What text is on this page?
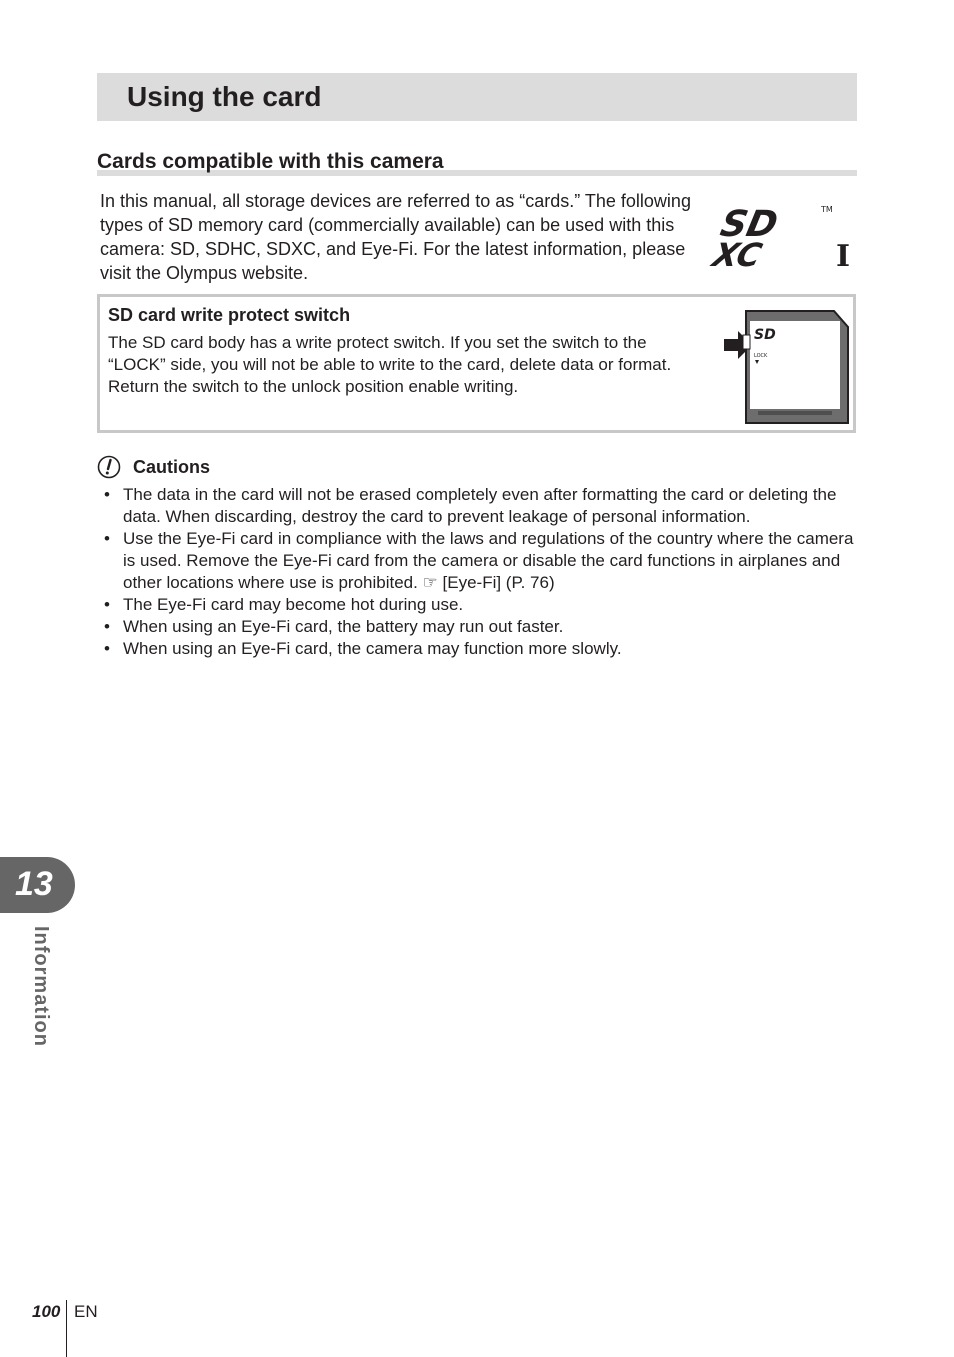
Using the card
Cards compatible with this camera

In this manual, all storage devices are referred to as “cards.” The following types of SD memory card (commercially available) can be used with this camera: SD, SDHC, SDXC, and Eye-Fi. For the latest information, please visit the Olympus website.

SD	TM
XC I
SD card write protect switch

The SD card body has a write protect switch. If you set the switch to the “LOCK” side, you will not be able to write to the card, delete data or format. Return the switch to the unlock position enable writing.

SD
LOCK
Cautions
• The data in the card will not be erased completely even after formatting the card or deleting the data. When discarding, destroy the card to prevent leakage of personal information.
• Use the Eye-Fi card in compliance with the laws and regulations of the country where the camera is used. Remove the Eye-Fi card from the camera or disable the card functions in airplanes and other locations where use is prohibited. ☞ [Eye-Fi] (P. 76)
• The Eye-Fi card may become hot during use.
• When using an Eye-Fi card, the battery may run out faster.
• When using an Eye-Fi card, the camera may function more slowly.
13
Information
100 EN
